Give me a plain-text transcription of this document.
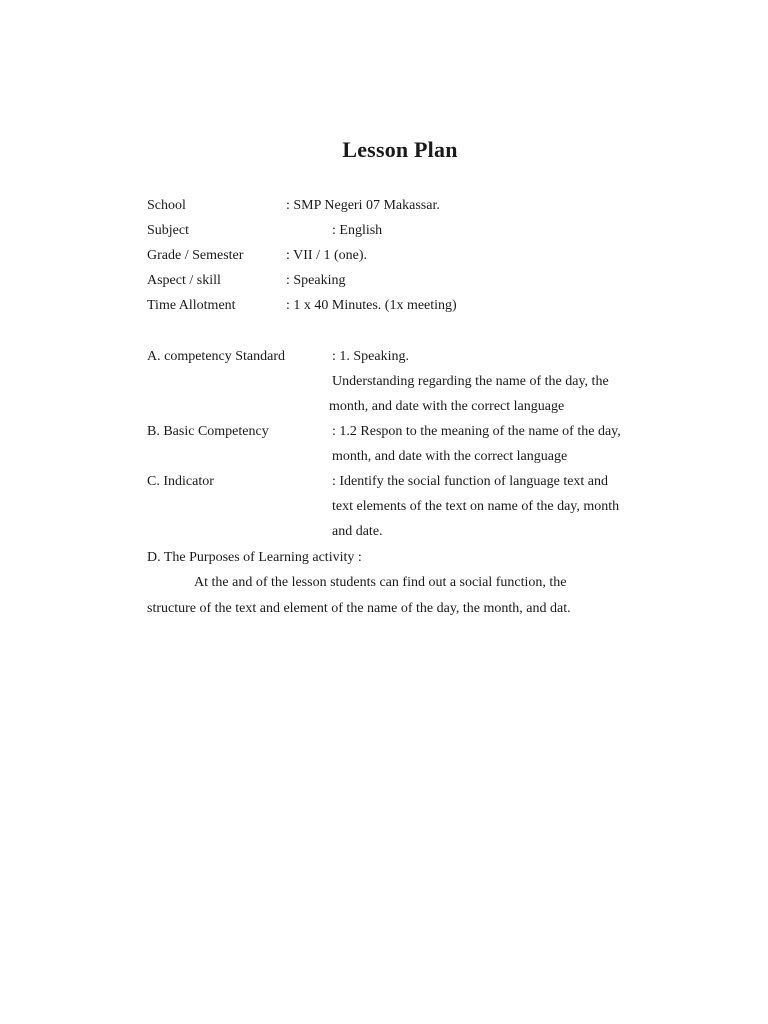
Lesson Plan
School	: SMP Negeri 07 Makassar.
Subject	: English
Grade / Semester	: VII / 1 (one).
Aspect / skill	: Speaking
Time Allotment	: 1 x 40 Minutes. (1x meeting)
A. competency Standard	: 1. Speaking.
Understanding regarding the name of the day, the
month, and date with the correct language
B. Basic Competency	: 1.2 Respon to the meaning of the name of the day,
month, and date with the correct language
C. Indicator	: Identify the social function of language text and
text elements of the text on name of the day, month
and date.
D. The Purposes of Learning activity :
At the and of the lesson students can find out a social function, the
structure of the text and element of the name of the day, the month, and dat.
